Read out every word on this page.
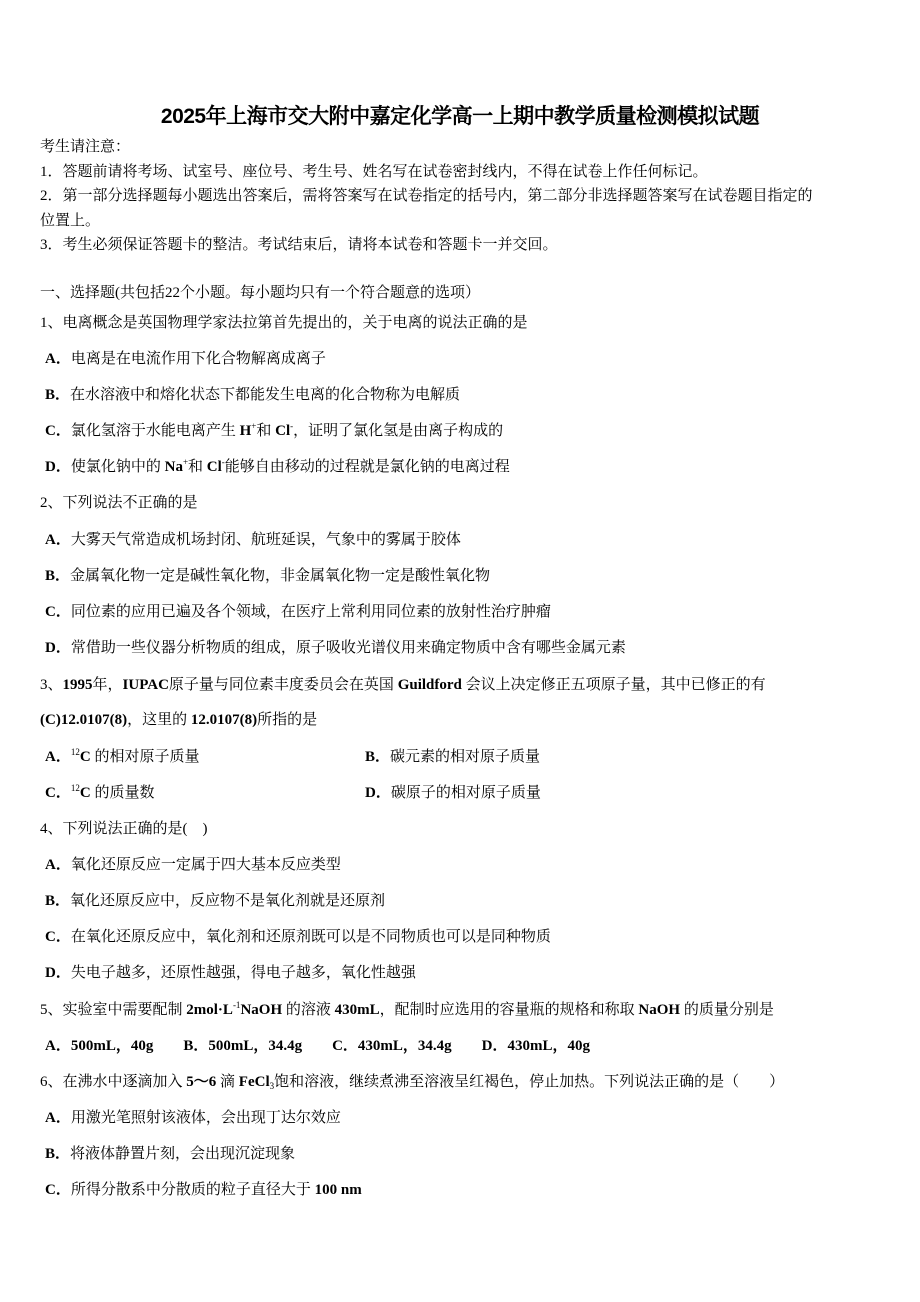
2025年上海市交大附中嘉定化学高一上期中教学质量检测模拟试题
考生请注意：
1．答题前请将考场、试室号、座位号、考生号、姓名写在试卷密封线内，不得在试卷上作任何标记。
2．第一部分选择题每小题选出答案后，需将答案写在试卷指定的括号内，第二部分非选择题答案写在试卷题目指定的
位置上。
3．考生必须保证答题卡的整洁。考试结束后，请将本试卷和答题卡一并交回。
一、选择题(共包括22个小题。每小题均只有一个符合题意的选项）
1、电离概念是英国物理学家法拉第首先提出的，关于电离的说法正确的是
A．电离是在电流作用下化合物解离成离子
B．在水溶液中和熔化状态下都能发生电离的化合物称为电解质
C．氯化氢溶于水能电离产生 H+和 Cl-，证明了氯化氢是由离子构成的
D．使氯化钠中的 Na+和 Cl-能够自由移动的过程就是氯化钠的电离过程
2、下列说法不正确的是
A．大雾天气常造成机场封闭、航班延误，气象中的雾属于胶体
B．金属氧化物一定是碱性氧化物，非金属氧化物一定是酸性氧化物
C．同位素的应用已遍及各个领域，在医疗上常利用同位素的放射性治疗肿瘤
D．常借助一些仪器分析物质的组成，原子吸收光谱仪用来确定物质中含有哪些金属元素
3、1995年，IUPAC原子量与同位素丰度委员会在英国 Guildford 会议上决定修正五项原子量，其中已修正的有
(C)12.0107(8)，这里的 12.0107(8)所指的是
A．$^{12}$C 的相对原子质量	B．碳元素的相对原子质量
C．$^{12}$C 的质量数	D．碳原子的相对原子质量
4、下列说法正确的是(　)
A．氧化还原反应一定属于四大基本反应类型
B．氧化还原反应中，反应物不是氧化剂就是还原剂
C．在氧化还原反应中，氧化剂和还原剂既可以是不同物质也可以是同种物质
D．失电子越多，还原性越强，得电子越多，氧化性越强
5、实验室中需要配制 $2mol\cdot L^{-1}NaOH$ 的溶液 430mL，配制时应选用的容量瓶的规格和称取 NaOH 的质量分别是
A．500mL，40g　　B．500mL，34.4g　　C．430mL，34.4g　　D．430mL，40g
6、在沸水中逐滴加入 5～6 滴 FeCl$_3$饱和溶液，继续煮沸至溶液呈红褐色，停止加热。下列说法正确的是（　　）
A．用激光笔照射该液体，会出现丁达尔效应
B．将液体静置片刻，会出现沉淀现象
C．所得分散系中分散质的粒子直径大于 100 nm
